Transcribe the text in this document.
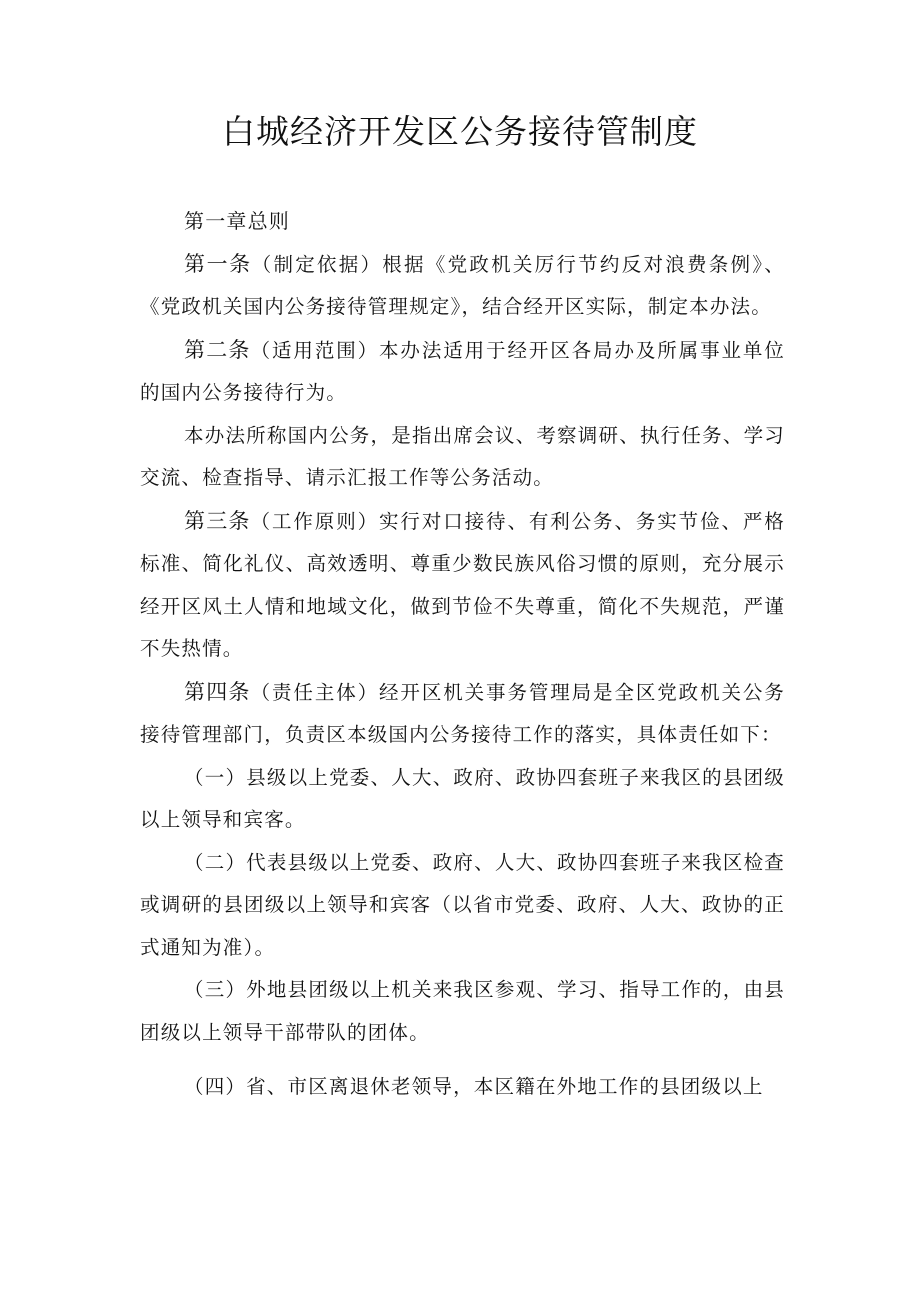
白城经济开发区公务接待管制度

第一章总则

第一条（制定依据）根据《党政机关厉行节约反对浪费条例》、《党政机关国内公务接待管理规定》，结合经开区实际，制定本办法。

第二条（适用范围）本办法适用于经开区各局办及所属事业单位的国内公务接待行为。

本办法所称国内公务，是指出席会议、考察调研、执行任务、学习交流、检查指导、请示汇报工作等公务活动。

第三条（工作原则）实行对口接待、有利公务、务实节俭、严格标准、简化礼仪、高效透明、尊重少数民族风俗习惯的原则，充分展示经开区风土人情和地域文化，做到节俭不失尊重，简化不失规范，严谨不失热情。

第四条（责任主体）经开区机关事务管理局是全区党政机关公务接待管理部门，负责区本级国内公务接待工作的落实，具体责任如下：

（一）县级以上党委、人大、政府、政协四套班子来我区的县团级以上领导和宾客。

（二）代表县级以上党委、政府、人大、政协四套班子来我区检查或调研的县团级以上领导和宾客（以省市党委、政府、人大、政协的正式通知为准）。

（三）外地县团级以上机关来我区参观、学习、指导工作的，由县团级以上领导干部带队的团体。

（四）省、市区离退休老领导，本区籍在外地工作的县团级以上
